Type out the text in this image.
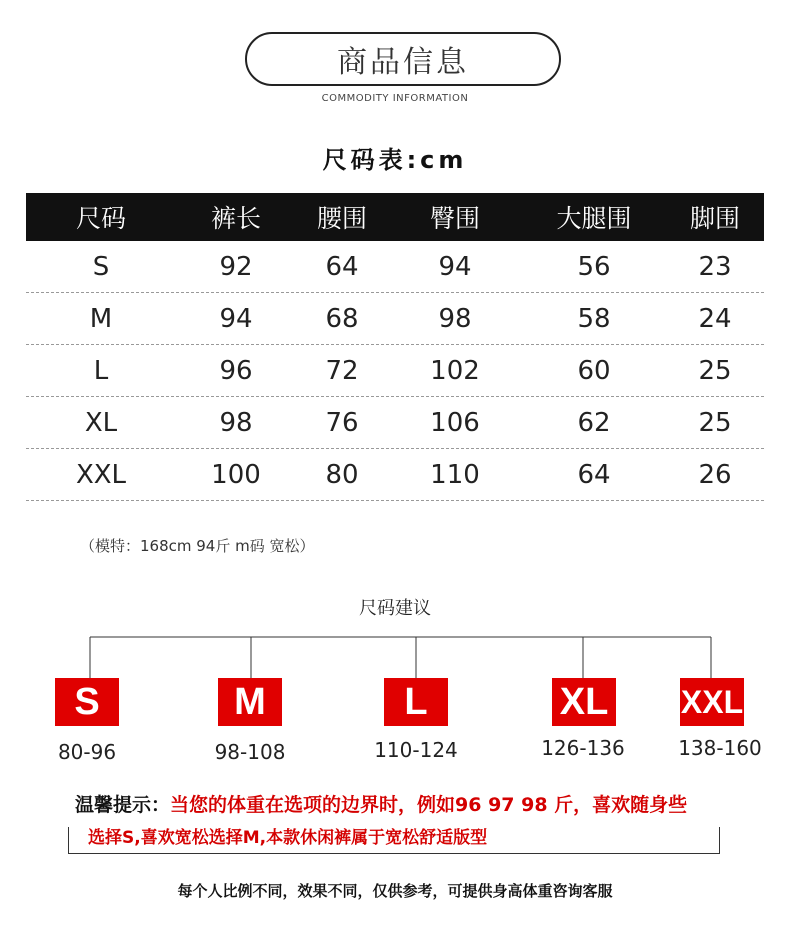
商品信息
COMMODITY INFORMATION
尺码表:cm
尺码	裤长	腰围	臀围	大腿围	脚围
S	92	64	94	56	23
M	94	68	98	58	24
L	96	72	102	60	25
XL	98	76	106	62	25
XXL	100	80	110	64	26
（模特：168cm 94斤 m码 宽松）
尺码建议
S	M	L	XL XXL
80-96	98-108	110-124	126-136	138-160
温馨提示：当您的体重在选项的边界时，例如96 97 98 斤，喜欢随身些
选择S,喜欢宽松选择M,本款休闲裤属于宽松舒适版型
每个人比例不同，效果不同，仅供参考，可提供身高体重咨询客服
